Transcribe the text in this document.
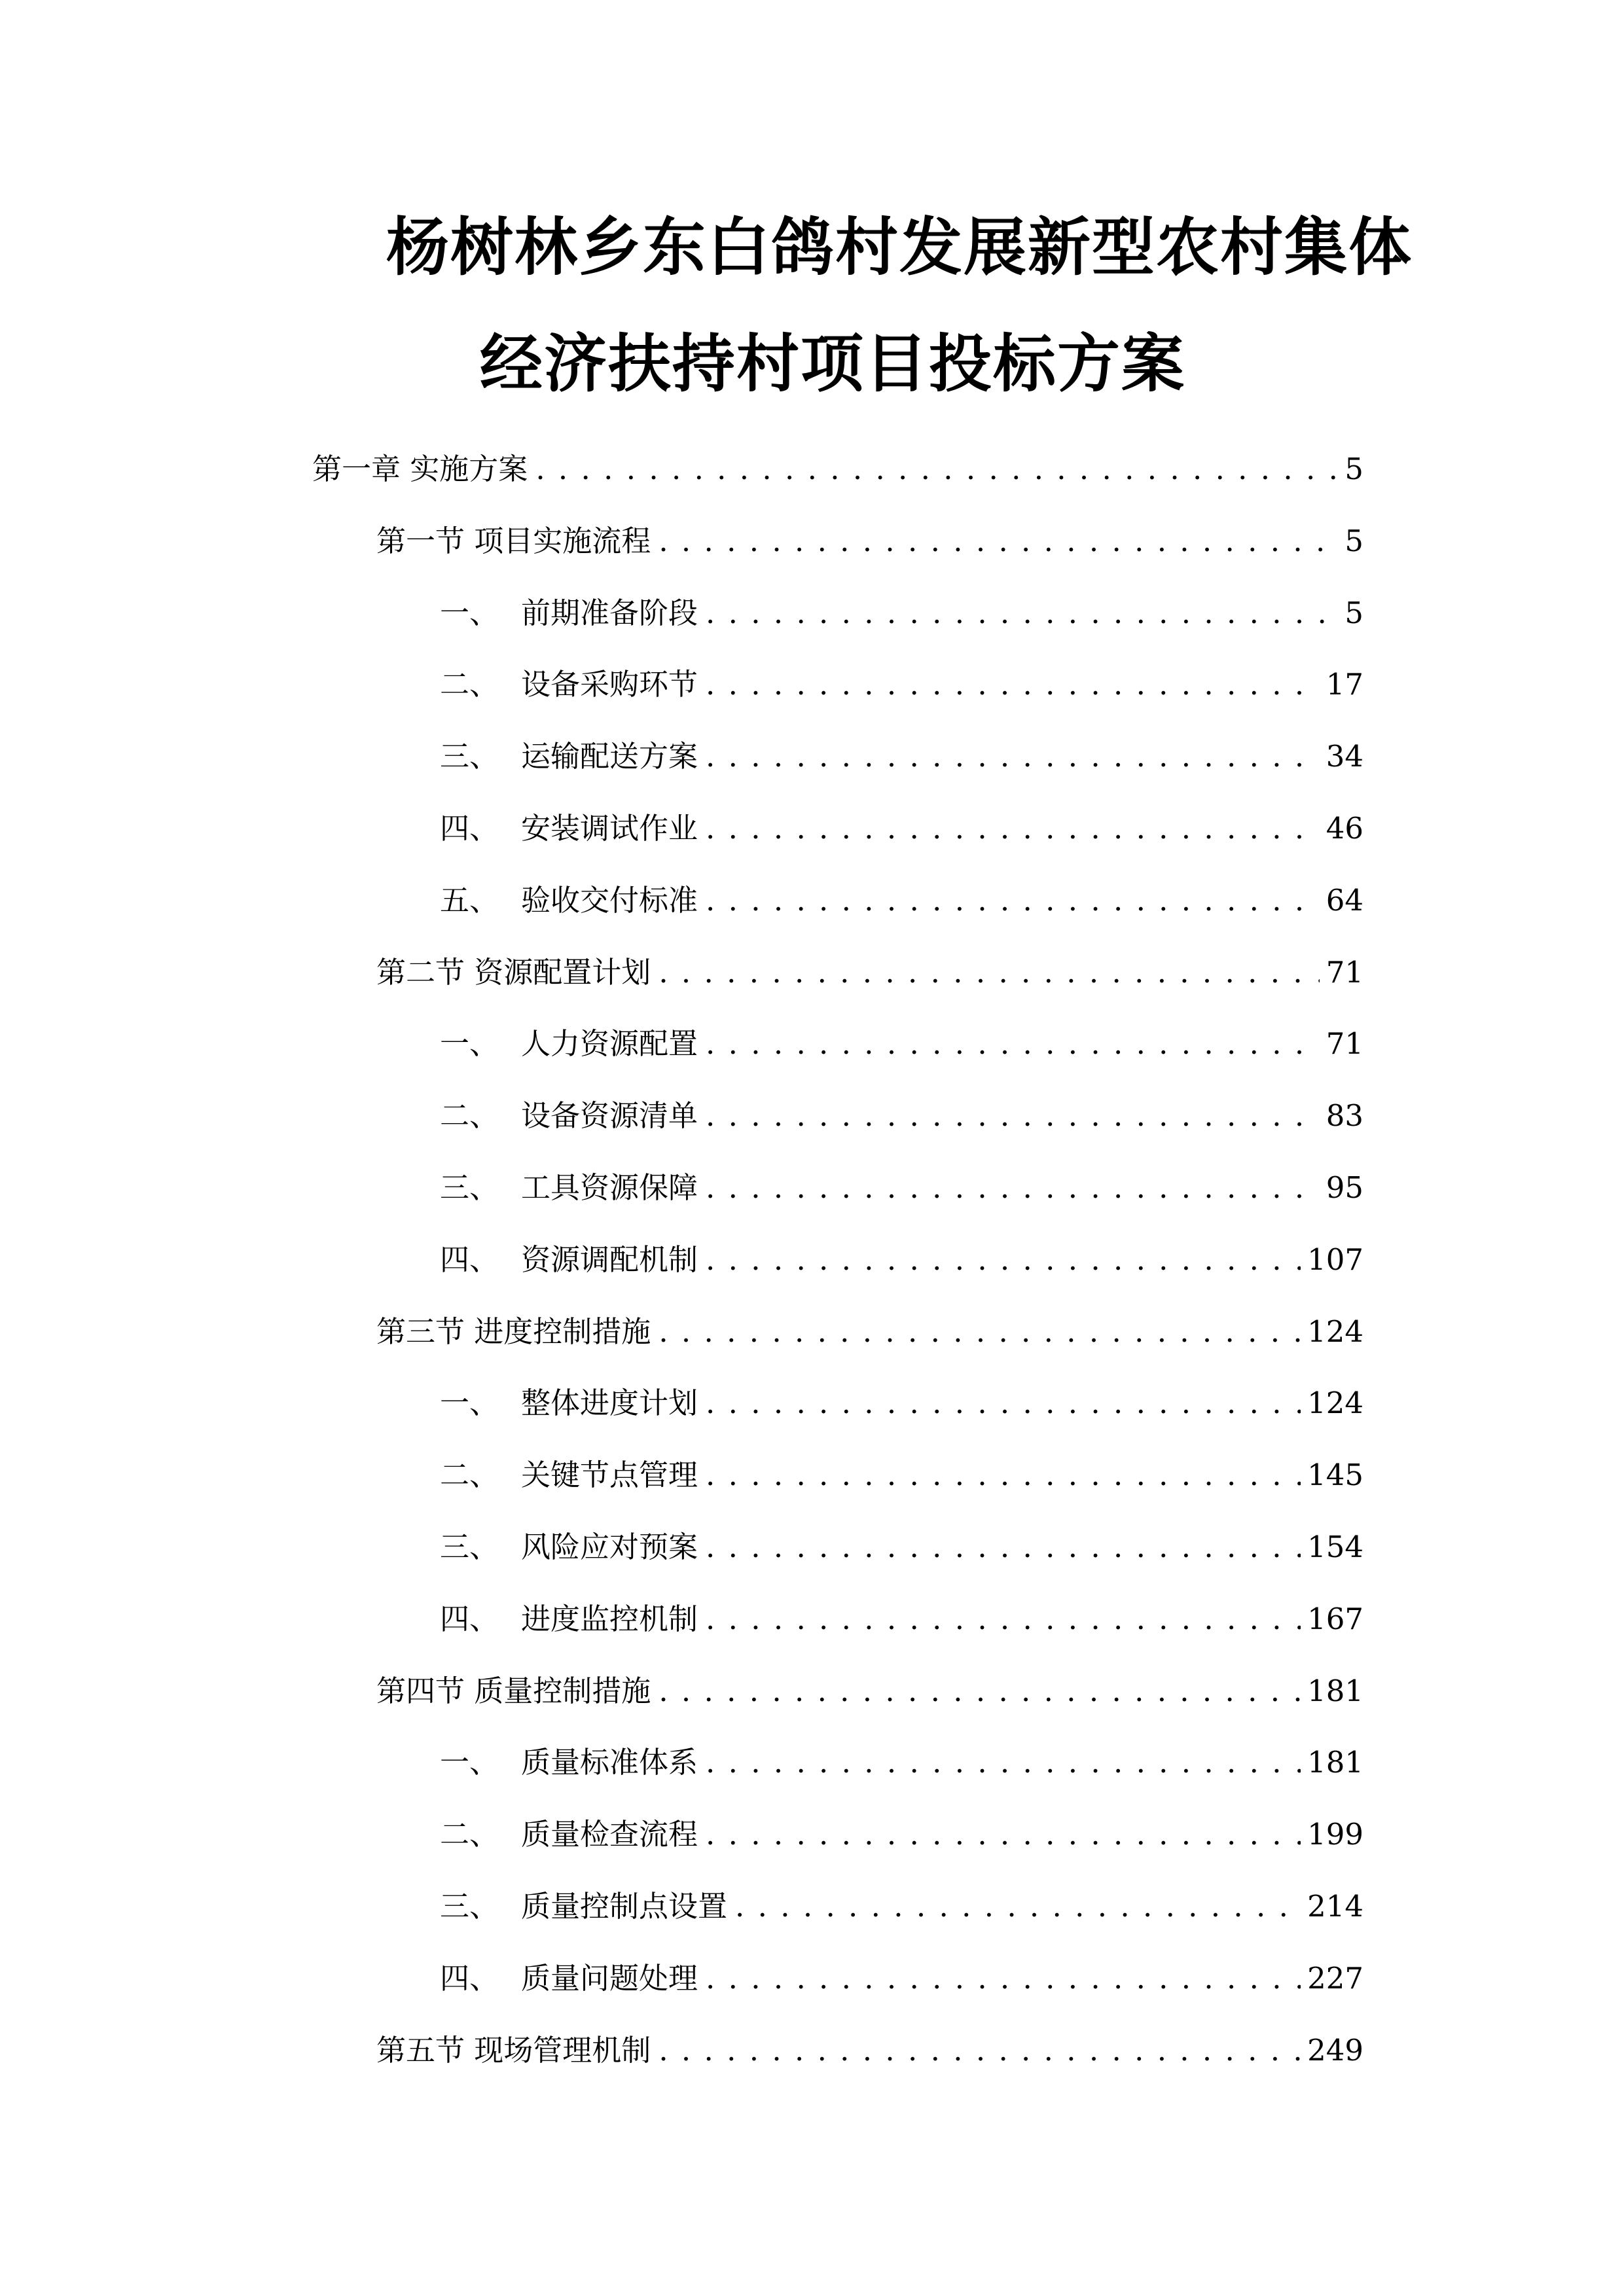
杨树林乡东白鸽村发展新型农村集体
经济扶持村项目投标方案
第一章 实施方案 . . .	5
第一节 项目实施流程 . . .	5
一、 前期准备阶段 . . .	5
二、 设备采购环节 . . .	17
三、 运输配送方案 . . .	34
四、 安装调试作业 . . .	46
五、 验收交付标准 . . .	64
第二节 资源配置计划 . . .	71
一、 人力资源配置 . . .	71
二、 设备资源清单 . . .	83
三、 工具资源保障 . . .	95
四、 资源调配机制 . . .	107
第三节 进度控制措施 . . .	124
一、 整体进度计划 . . .	124
二、 关键节点管理 . . .	145
三、 风险应对预案 . . .	154
四、 进度监控机制 . . .	167
第四节 质量控制措施 . . .	181
一、 质量标准体系 . . .	181
二、 质量检查流程 . . .	199
三、 质量控制点设置 . . .	214
四、 质量问题处理 . . .	227
第五节 现场管理机制 . . .	249
